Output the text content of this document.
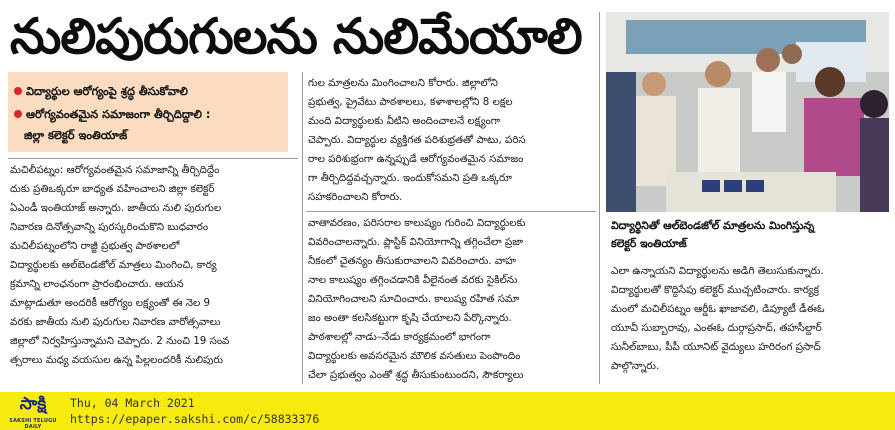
నులిపురుగులను నులిమేయాలి
విద్యార్థుల ఆరోగ్యంపై శ్రద్ధ తీసుకోవాలి
ఆరోగ్యవంతమైన సమాజంగా తీర్చిదిద్దాలి :
జిల్లా కలెక్టర్ ఇంతియాజ్
మచిలీపట్నం: ఆరోగ్యవంతమైన సమాజాన్ని తీర్చిదిద్దేం
దుకు ప్రతిఒక్కరూ బాధ్యత వహించాలని జిల్లా కలెక్టర్
ఏఎండీ ఇంతియాజ్ అన్నారు. జాతీయ నులి పురుగుల
నివారణ దినోత్సవాన్ని పురస్కరించుకొని బుధవారం
మచిలీపట్నంలోని రాజ్జీ ప్రభుత్వ పాఠశాలలో
విద్యార్థులకు ఆల్‌బెండజోల్ మాత్రలు మింగించి, కార్య
క్రమాన్ని లాంఛనంగా ప్రారంభించారు. ఆయన
మాట్లాడుతూ అందరికీ ఆరోగ్యం లక్ష్యంతో ఈ నెల 9
వరకు జాతీయ నులి పురుగుల నివారణ వారోత్సవాలు
జిల్లాలో నిర్వహిస్తున్నామని చెప్పారు. 2 నుంచి 19 సంవ
త్సరాలు మధ్య వయసుల ఉన్న పిల్లలందరికీ నులిపురు
గుల మాత్రలను మింగించాలని కోరారు. జిల్లాలోని
ప్రభుత్వ, ప్రైవేటు పాఠశాలలు, కళాశాలల్లోని 8 లక్షల
మంది విద్యార్థులకు వీటిని అందించాలనే లక్ష్యంగా
చెప్పారు. విద్యార్థుల వ్యక్తిగత పరిశుభ్రతతో పాటు, పరిస
రాల పరిశుభ్రంగా ఉన్నప్పుడే ఆరోగ్యవంతమైన సమాజం
గా తీర్చిదిద్దవచ్చన్నారు. ఇందుకోసమని ప్రతి ఒక్కరూ
సహకరించాలని కోరారు.
వాతావరణం, పరిసరాల కాలుష్యం గురించి విద్యార్థులకు
వివరించాలన్నారు. ప్లాస్టిక్ వినియోగాన్ని తగ్గించేలా ప్రజా
నీకంలో చైతన్యం తీసుకురావాలని వివరించారు. వాహ
నాల కాలుష్యం తగ్గించడానికి వీలైనంత వరకు సైకిల్‌ను
వినియోగించాలని సూచించారు. కాలుష్య రహిత సమా
జం అంతా కలసికట్టుగా కృషి చేయాలని పేర్కొన్నారు.
పాఠశాలల్లో నాడు–నేడు కార్యక్రమంలో భాగంగా
విద్యార్థులకు అవసరమైన మౌలిక వసతులు పెంపొందిం
చేలా ప్రభుత్వం ఎంతో శ్రద్ధ తీసుకుంటుందని, సౌకర్యాలు
విద్యార్థినితో ఆల్‌బెండజోల్ మాత్రలను మింగిస్తున్న
కలెక్టర్ ఇంతియాజ్
ఎలా ఉన్నాయని విద్యార్థులను అడిగి తెలుసుకున్నారు.
విద్యార్థులతో కొద్దిసేపు కలెక్టర్ ముచ్చటించారు. కార్యక్ర
మంలో మచిలీపట్నం ఆర్డీఓ ఖాజావలి, డిప్యూటీ డీఈఓ
యూవీ సుబ్బారావు, ఎంఈఓ దుర్గాప్రసాద్, తహసీల్దార్
సునీల్‌బాబు, పీపీ యూనిట్ వైద్యులు హరిరంగ ప్రసాద్
పాల్గొన్నారు.
సాక్షి
SAKSHI TELUGU DAILY
Thu, 04 March 2021
https://epaper.sakshi.com/c/58833376
